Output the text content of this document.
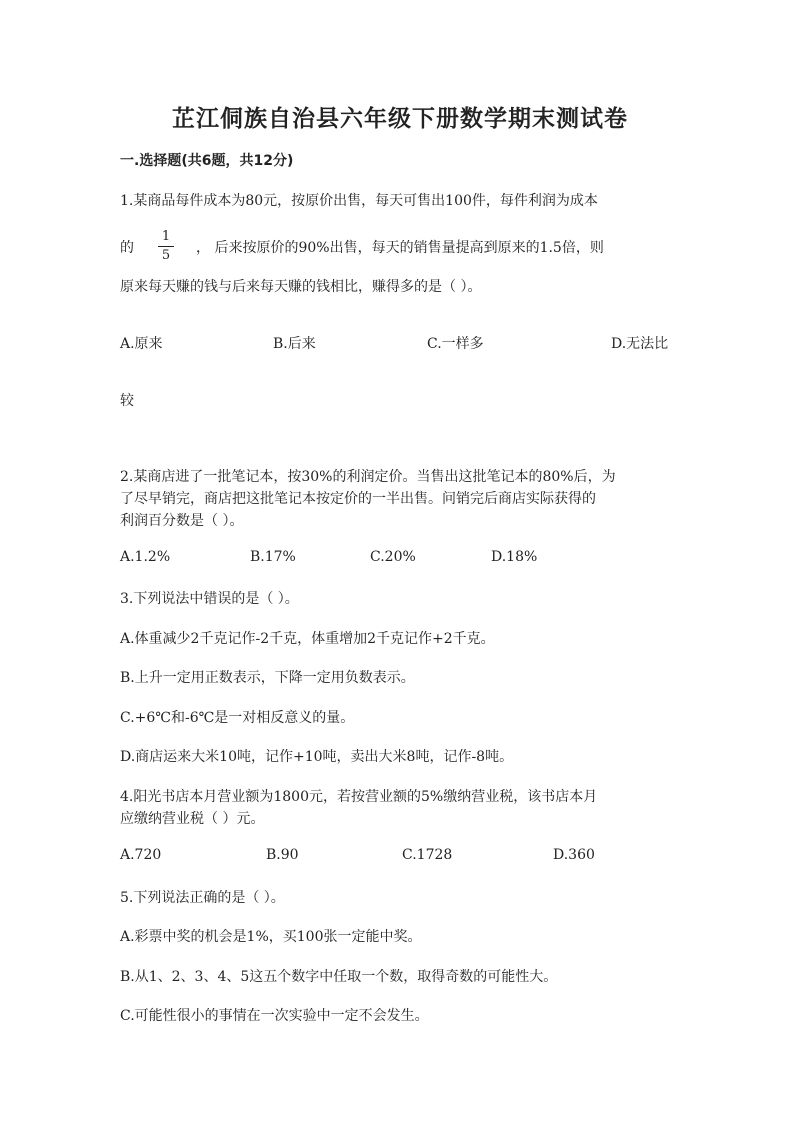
芷江侗族自治县六年级下册数学期末测试卷
一.选择题(共6题，共12分)
1.某商品每件成本为80元，按原价出售，每天可售出100件，每件利润为成本
的 $\frac{1}{5}$ ， 后来按原价的90%出售，每天的销售量提高到原来的1.5倍，则
原来每天赚的钱与后来每天赚的钱相比，赚得多的是（ ）。
A.原来	B.后来	C.一样多	D.无法比
较
2.某商店进了一批笔记本，按30%的利润定价。当售出这批笔记本的80%后，为
了尽早销完，商店把这批笔记本按定价的一半出售。问销完后商店实际获得的
利润百分数是（ ）。
A.1.2%	B.17%	C.20%	D.18%
3.下列说法中错误的是（ ）。
A.体重减少2千克记作-2千克，体重增加2千克记作+2千克。
B.上升一定用正数表示，下降一定用负数表示。
C.+6℃和-6℃是一对相反意义的量。
D.商店运来大米10吨，记作+10吨，卖出大米8吨，记作-8吨。
4.阳光书店本月营业额为1800元，若按营业额的5%缴纳营业税，该书店本月
应缴纳营业税（ ）元。
A.720	B.90	C.1728	D.360
5.下列说法正确的是（ ）。
A.彩票中奖的机会是1%，买100张一定能中奖。
B.从1、2、3、4、5这五个数字中任取一个数，取得奇数的可能性大。
C.可能性很小的事情在一次实验中一定不会发生。
